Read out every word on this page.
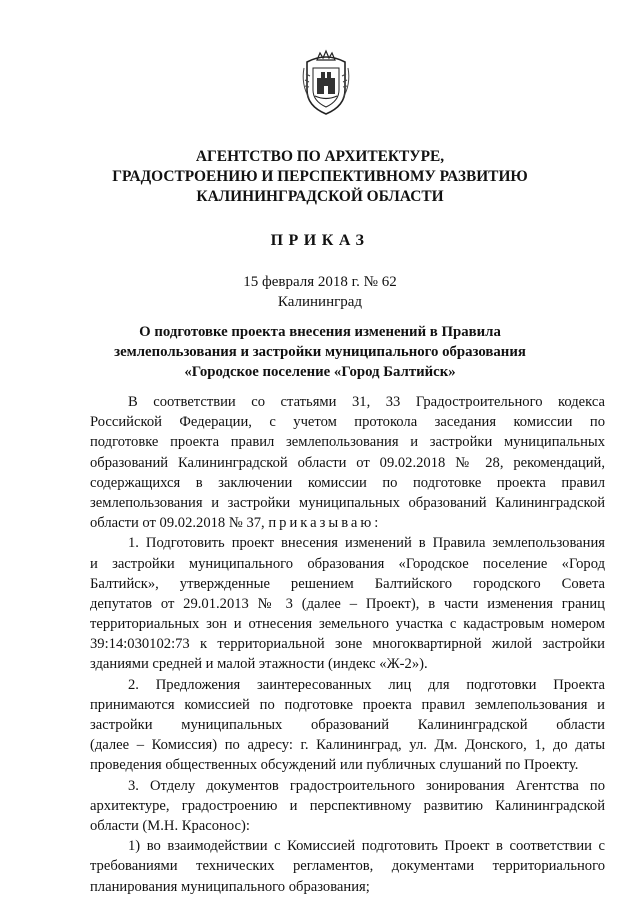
АГЕНТСТВО ПО АРХИТЕКТУРЕ,
ГРАДОСТРОЕНИЮ И ПЕРСПЕКТИВНОМУ РАЗВИТИЮ
КАЛИНИНГРАДСКОЙ ОБЛАСТИ
ПРИКАЗ
15 февраля 2018 г. № 62
Калининград
О подготовке проекта внесения изменений в Правила
землепользования и застройки муниципального образования
«Городское поселение «Город Балтийск»
В соответствии со статьями 31, 33 Градостроительного кодекса
Российской Федерации, с учетом протокола заседания комиссии по
подготовке проекта правил землепользования и застройки муниципальных
образований Калининградской области от 09.02.2018 № 28, рекомендаций,
содержащихся в заключении комиссии по подготовке проекта правил
землепользования и застройки муниципальных образований Калининградской
области от 09.02.2018 № 37, приказываю:
1. Подготовить проект внесения изменений в Правила землепользования
и застройки муниципального образования «Городское поселение «Город
Балтийск», утвержденные решением Балтийского городского Совета
депутатов от 29.01.2013 № 3 (далее – Проект), в части изменения границ
территориальных зон и отнесения земельного участка с кадастровым номером
39:14:030102:73 к территориальной зоне многоквартирной жилой застройки
зданиями средней и малой этажности (индекс «Ж-2»).
2. Предложения заинтересованных лиц для подготовки Проекта
принимаются комиссией по подготовке проекта правил землепользования и
застройки муниципальных образований Калининградской области
(далее – Комиссия) по адресу: г. Калининград, ул. Дм. Донского, 1, до даты
проведения общественных обсуждений или публичных слушаний по Проекту.
3. Отделу документов градостроительного зонирования Агентства по
архитектуре, градостроению и перспективному развитию Калининградской
области (М.Н. Красонос):
1) во взаимодействии с Комиссией подготовить Проект в соответствии с
требованиями технических регламентов, документами территориального
планирования муниципального образования;
